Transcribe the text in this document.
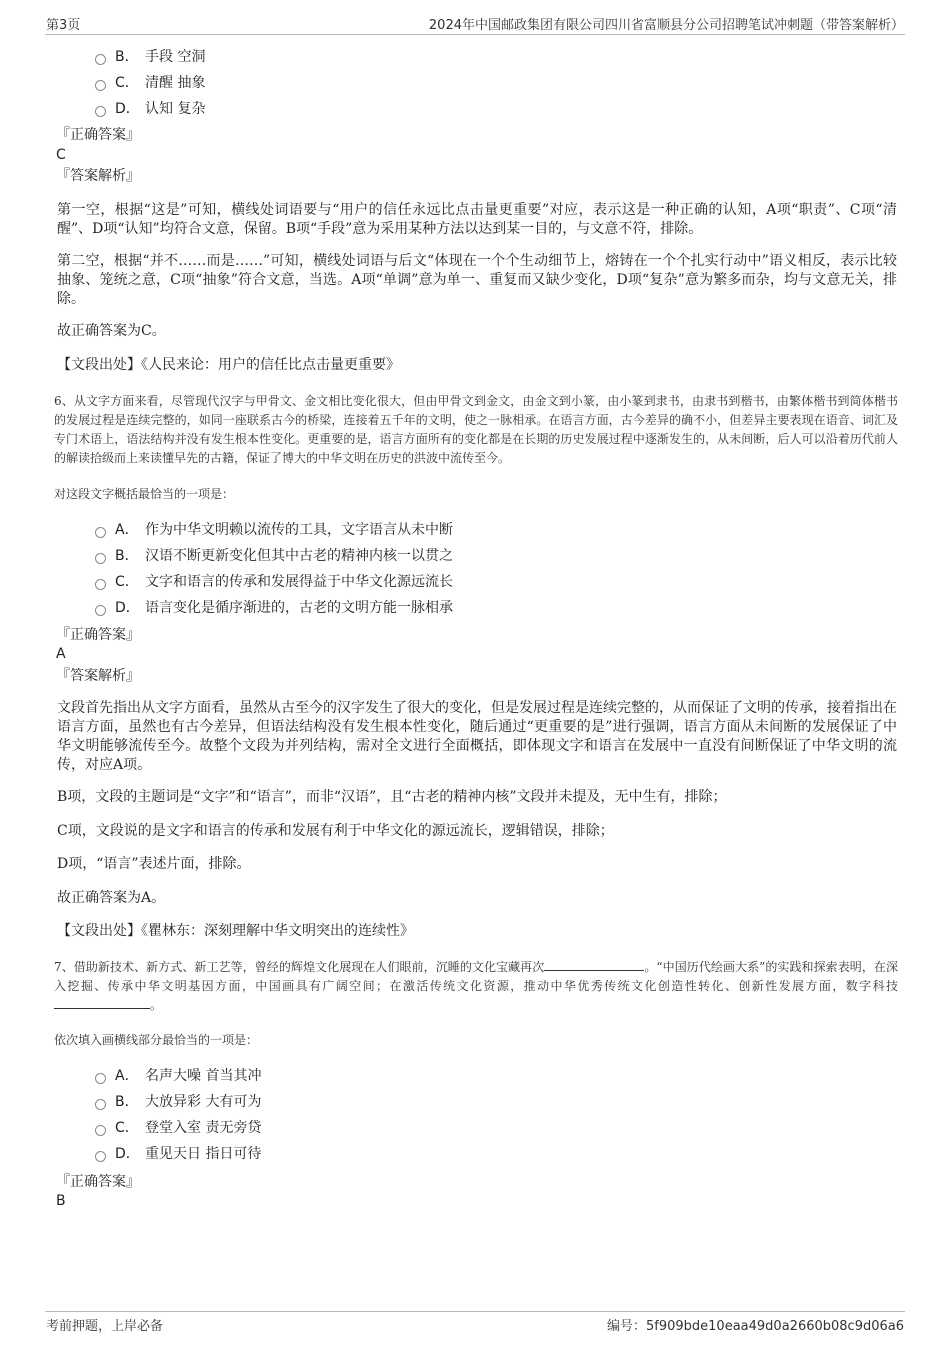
第3页	2024年中国邮政集团有限公司四川省富顺县分公司招聘笔试冲刺题（带答案解析）
B． 手段 空洞
C． 清醒 抽象
D． 认知 复杂
『正确答案』
C
『答案解析』
第一空，根据“这是”可知，横线处词语要与“用户的信任永远比点击量更重要”对应，表示这是一种正确的认知，A项“职责”、C项“清醒”、D项“认知”均符合文意，保留。B项“手段”意为采用某种方法以达到某一目的，与文意不符，排除。
第二空，根据“并不……而是……”可知，横线处词语与后文“体现在一个个生动细节上，熔铸在一个个扎实行动中”语义相反，表示比较抽象、笼统之意，C项“抽象”符合文意，当选。A项“单调”意为单一、重复而又缺少变化，D项“复杂”意为繁多而杂，均与文意无关，排除。
故正确答案为C。
【文段出处】《人民来论：用户的信任比点击量更重要》
6、从文字方面来看，尽管现代汉字与甲骨文、金文相比变化很大，但由甲骨文到金文，由金文到小篆，由小篆到隶书，由隶书到楷书，由繁体楷书到简体楷书的发展过程是连续完整的，如同一座联系古今的桥梁，连接着五千年的文明，使之一脉相承。在语言方面，古今差异的确不小，但差异主要表现在语音、词汇及专门术语上，语法结构并没有发生根本性变化。更重要的是，语言方面所有的变化都是在长期的历史发展过程中逐渐发生的，从未间断，后人可以沿着历代前人的解读拾级而上来读懂早先的古籍，保证了博大的中华文明在历史的洪波中流传至今。
对这段文字概括最恰当的一项是：
A． 作为中华文明赖以流传的工具，文字语言从未中断
B． 汉语不断更新变化但其中古老的精神内核一以贯之
C． 文字和语言的传承和发展得益于中华文化源远流长
D． 语言变化是循序渐进的，古老的文明方能一脉相承
『正确答案』
A
『答案解析』
文段首先指出从文字方面看，虽然从古至今的汉字发生了很大的变化，但是发展过程是连续完整的，从而保证了文明的传承，接着指出在语言方面，虽然也有古今差异，但语法结构没有发生根本性变化，随后通过“更重要的是”进行强调，语言方面从未间断的发展保证了中华文明能够流传至今。故整个文段为并列结构，需对全文进行全面概括，即体现文字和语言在发展中一直没有间断保证了中华文明的流传，对应A项。
B项，文段的主题词是“文字”和“语言”，而非“汉语”，且“古老的精神内核”文段并未提及，无中生有，排除；
C项，文段说的是文字和语言的传承和发展有利于中华文化的源远流长，逻辑错误，排除；
D项，“语言”表述片面，排除。
故正确答案为A。
【文段出处】《瞿林东：深刻理解中华文明突出的连续性》
7、借助新技术、新方式、新工艺等，曾经的辉煌文化展现在人们眼前，沉睡的文化宝藏再次	。“中国历代绘画大系”的实践和探索表明，在深入挖掘、传承中华文明基因方面，中国画具有广阔空间；在激活传统文化资源，推动中华优秀传统文化创造性转化、创新性发展方面，数字科技。
依次填入画横线部分最恰当的一项是：
A． 名声大噪 首当其冲
B． 大放异彩 大有可为
C． 登堂入室 责无旁贷
D． 重见天日 指日可待
『正确答案』
B
考前押题，上岸必备	编号：5f909bde10eaa49d0a2660b08c9d06a6
